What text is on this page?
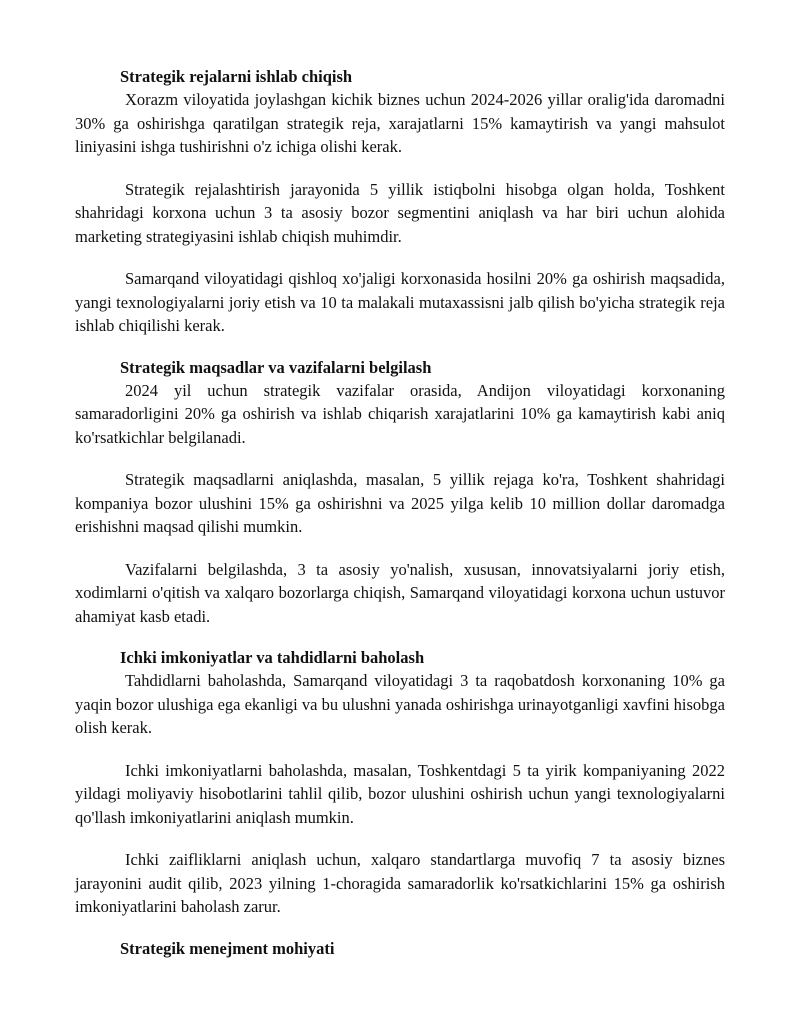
Strategik rejalarni ishlab chiqish

Xorazm viloyatida joylashgan kichik biznes uchun 2024-2026 yillar oralig'ida daromadni 30% ga oshirishga qaratilgan strategik reja, xarajatlarni 15% kamaytirish va yangi mahsulot liniyasini ishga tushirishni o'z ichiga olishi kerak.

Strategik rejalashtirish jarayonida 5 yillik istiqbolni hisobga olgan holda, Toshkent shahridagi korxona uchun 3 ta asosiy bozor segmentini aniqlash va har biri uchun alohida marketing strategiyasini ishlab chiqish muhimdir.

Samarqand viloyatidagi qishloq xo'jaligi korxonasida hosilni 20% ga oshirish maqsadida, yangi texnologiyalarni joriy etish va 10 ta malakali mutaxassisni jalb qilish bo'yicha strategik reja ishlab chiqilishi kerak.

Strategik maqsadlar va vazifalarni belgilash

2024 yil uchun strategik vazifalar orasida, Andijon viloyatidagi korxonaning samaradorligini 20% ga oshirish va ishlab chiqarish xarajatlarini 10% ga kamaytirish kabi aniq ko'rsatkichlar belgilanadi.

Strategik maqsadlarni aniqlashda, masalan, 5 yillik rejaga ko'ra, Toshkent shahridagi kompaniya bozor ulushini 15% ga oshirishni va 2025 yilga kelib 10 million dollar daromadga erishishni maqsad qilishi mumkin.

Vazifalarni belgilashda, 3 ta asosiy yo'nalish, xususan, innovatsiyalarni joriy etish, xodimlarni o'qitish va xalqaro bozorlarga chiqish, Samarqand viloyatidagi korxona uchun ustuvor ahamiyat kasb etadi.

Ichki imkoniyatlar va tahdidlarni baholash

Tahdidlarni baholashda, Samarqand viloyatidagi 3 ta raqobatdosh korxonaning 10% ga yaqin bozor ulushiga ega ekanligi va bu ulushni yanada oshirishga urinayotganligi xavfini hisobga olish kerak.

Ichki imkoniyatlarni baholashda, masalan, Toshkentdagi 5 ta yirik kompaniyaning 2022 yildagi moliyaviy hisobotlarini tahlil qilib, bozor ulushini oshirish uchun yangi texnologiyalarni qo'llash imkoniyatlarini aniqlash mumkin.

Ichki zaifliklarni aniqlash uchun, xalqaro standartlarga muvofiq 7 ta asosiy biznes jarayonini audit qilib, 2023 yilning 1-choragida samaradorlik ko'rsatkichlarini 15% ga oshirish imkoniyatlarini baholash zarur.

Strategik menejment mohiyati
